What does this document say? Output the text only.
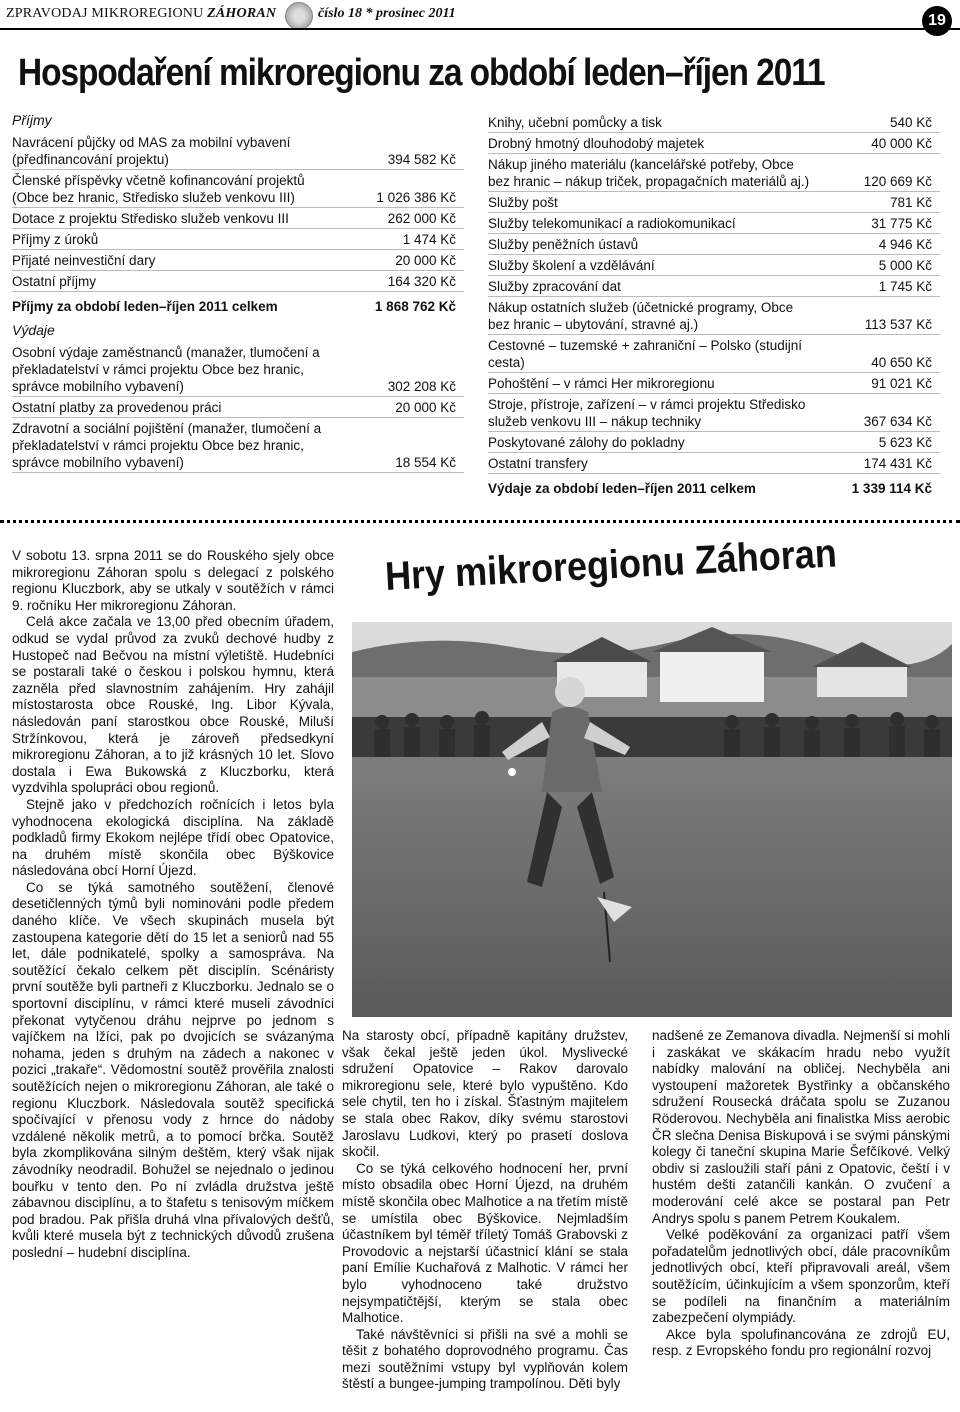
ZPRAVODAJ MIKROREGIONU ZÁHORAN	číslo 18 * prosinec 2011	19
Hospodaření mikroregionu za období leden–říjen 2011
Příjmy
Navrácení půjčky od MAS za mobilní vybavení (předfinancování projektu)	394 582 Kč
Členské příspěvky včetně kofinancování projektů (Obce bez hranic, Středisko služeb venkovu III)	1 026 386 Kč
Dotace z projektu Středisko služeb venkovu III	262 000 Kč
Příjmy z úroků	1 474 Kč
Přijaté neinvestiční dary	20 000 Kč
Ostatní příjmy	164 320 Kč
Příjmy za období leden–říjen 2011 celkem	1 868 762 Kč
Výdaje
Osobní výdaje zaměstnanců (manažer, tlumočení a překladatelství v rámci projektu Obce bez hranic, správce mobilního vybavení)	302 208 Kč
Ostatní platby za provedenou práci	20 000 Kč
Zdravotní a sociální pojištění (manažer, tlumočení a překladatelství v rámci projektu Obce bez hranic, správce mobilního vybavení)	18 554 Kč
Knihy, učební pomůcky a tisk	540 Kč
Drobný hmotný dlouhodobý majetek	40 000 Kč
Nákup jiného materiálu (kancelářské potřeby, Obce bez hranic – nákup triček, propagačních materiálů aj.)	120 669 Kč
Služby pošt	781 Kč
Služby telekomunikací a radiokomunikací	31 775 Kč
Služby peněžních ústavů	4 946 Kč
Služby školení a vzdělávání	5 000 Kč
Služby zpracování dat	1 745 Kč
Nákup ostatních služeb (účetnické programy, Obce bez hranic – ubytování, stravné aj.)	113 537 Kč
Cestovné – tuzemské + zahraniční – Polsko (studijní cesta)	40 650 Kč
Pohoštění – v rámci Her mikroregionu	91 021 Kč
Stroje, přístroje, zařízení – v rámci projektu Středisko služeb venkovu III – nákup techniky	367 634 Kč
Poskytované zálohy do pokladny	5 623 Kč
Ostatní transfery	174 431 Kč
Výdaje za období leden–říjen 2011 celkem	1 339 114 Kč
Hry mikroregionu Záhoran

V sobotu 13. srpna 2011 se do Rouského sjely obce mikroregionu Záhoran spolu s delegací z polského regionu Kluczbork, aby se utkaly v soutěžích v rámci 9. ročníku Her mikroregionu Záhoran.

Celá akce začala ve 13,00 před obecním úřadem, odkud se vydal průvod za zvuků dechové hudby z Hustopeč nad Bečvou na místní výletiště. Hudebníci se postarali také o českou i polskou hymnu, která zazněla před slavnostním zahájením. Hry zahájil místostarosta obce Rouské, Ing. Libor Kývala, následován paní starostkou obce Rouské, Miluší Stržínkovou, která je zároveň předsedkyní mikroregionu Záhoran, a to již krásných 10 let. Slovo dostala i Ewa Bukowská z Kluczborku, která vyzdvihla spolupráci obou regionů.

Stejně jako v předchozích ročnících i letos byla vyhodnocena ekologická disciplína. Na základě podkladů firmy Ekokom nejlépe třídí obec Opatovice, na druhém místě skončila obec Býškovice následována obcí Horní Újezd.

Co se týká samotného soutěžení, členové desetičlenných týmů byli nominováni podle předem daného klíče. Ve všech skupinách musela být zastoupena kategorie dětí do 15 let a seniorů nad 55 let, dále podnikatelé, spolky a samospráva. Na soutěžící čekalo celkem pět disciplín. Scénáristy první soutěže byli partneři z Kluczborku. Jednalo se o sportovní disciplínu, v rámci které museli závodníci překonat vytyčenou dráhu nejprve po jednom s vajíčkem na lžíci, pak po dvojicích se svázanýma nohama, jeden s druhým na zádech a nakonec v pozici „trakaře“. Vědomostní soutěž prověřila znalosti soutěžících nejen o mikroregionu Záhoran, ale také o regionu Kluczbork. Následovala soutěž specifická spočívající v přenosu vody z hrnce do nádoby vzdálené několik metrů, a to pomocí brčka. Soutěž byla zkomplikována silným deštěm, který však nijak závodníky neodradil. Bohužel se nejednalo o jedinou bouřku v tento den. Po ní zvládla družstva ještě zábavnou disciplínu, a to štafetu s tenisovým míčkem pod bradou. Pak přišla druhá vlna přívalových dešťů, kvůli které musela být z technických důvodů zrušena poslední – hudební disciplína.

Na starosty obcí, případně kapitány družstev, však čekal ještě jeden úkol. Myslivecké sdružení Opatovice – Rakov darovalo mikroregionu sele, které bylo vypuštěno. Kdo sele chytil, ten ho i získal. Šťastným majitelem se stala obec Rakov, díky svému starostovi Jaroslavu Ludkovi, který po prasetí doslova skočil.

Co se týká celkového hodnocení her, první místo obsadila obec Horní Újezd, na druhém místě skončila obec Malhotice a na třetím místě se umístila obec Býškovice. Nejmladším účastníkem byl téměř tříletý Tomáš Grabovski z Provodovic a nejstarší účastnicí klání se stala paní Emílie Kuchařová z Malhotic. V rámci her bylo vyhodnoceno také družstvo nejsympatičtější, kterým se stala obec Malhotice.

Také návštěvníci si přišli na své a mohli se těšit z bohatého doprovodného programu. Čas mezi soutěžními vstupy byl vyplňován kolem štěstí a bungee-jumping trampolínou. Děti byly

nadšené ze Zemanova divadla. Nejmenší si mohli i zaskákat ve skákacím hradu nebo využít nabídky malování na obličej. Nechyběla ani vystoupení mažoretek Bystřinky a občanského sdružení Rousecká dráčata spolu se Zuzanou Röderovou. Nechyběla ani finalistka Miss aerobic ČR slečna Denisa Biskupová i se svými pánskými kolegy či taneční skupina Marie Šefčíkové. Velký obdiv si zasloužili staří páni z Opatovic, čeští i v hustém dešti zatančili kankán. O zvučení a moderování celé akce se postaral pan Petr Andrys spolu s panem Petrem Koukalem.

Velké poděkování za organizaci patří všem pořadatelům jednotlivých obcí, dále pracovníkům jednotlivých obcí, kteří připravovali areál, všem soutěžícím, účinkujícím a všem sponzorům, kteří se podíleli na finančním a materiálním zabezpečení olympiády.

Akce byla spolufinancována ze zdrojů EU, resp. z Evropského fondu pro regionální rozvoj
